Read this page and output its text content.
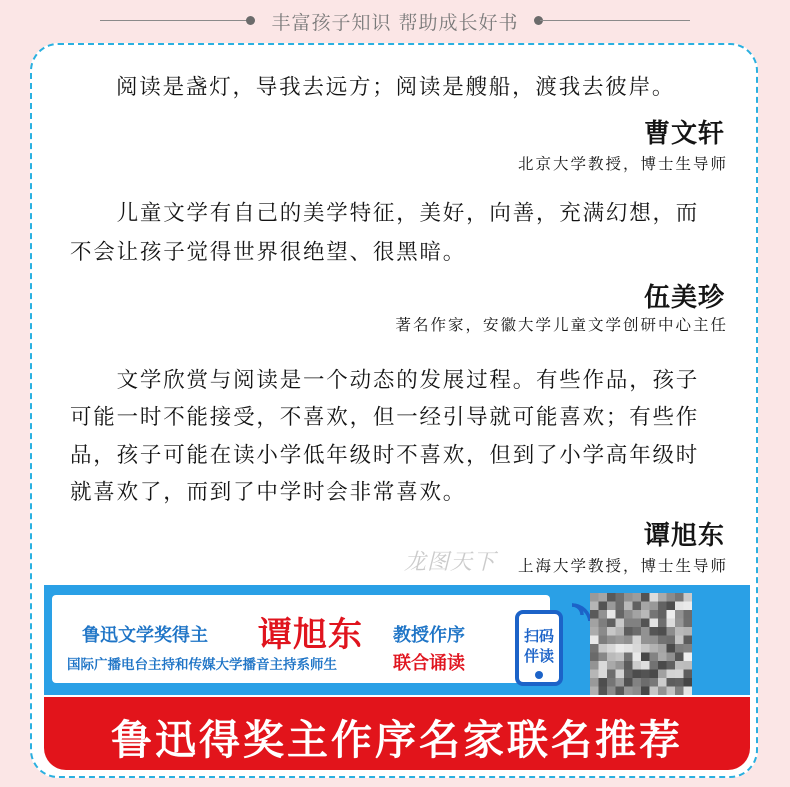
丰富孩子知识 帮助成长好书
阅读是盏灯，导我去远方；阅读是艘船，渡我去彼岸。
曹文轩
北京大学教授，博士生导师
　　儿童文学有自己的美学特征，美好，向善，充满幻想，而
不会让孩子觉得世界很绝望、很黑暗。
伍美珍
著名作家，安徽大学儿童文学创研中心主任
　　文学欣赏与阅读是一个动态的发展过程。有些作品，孩子
可能一时不能接受，不喜欢，但一经引导就可能喜欢；有些作
品，孩子可能在读小学低年级时不喜欢，但到了小学高年级时
就喜欢了，而到了中学时会非常喜欢。
谭旭东
上海大学教授，博士生导师
龙图天下
鲁迅文学奖得主 谭旭东 教授作序
国际广播电台主持和传媒大学播音主持系师生	联合诵读
扫码
伴读
鲁迅得奖主作序名家联名推荐
